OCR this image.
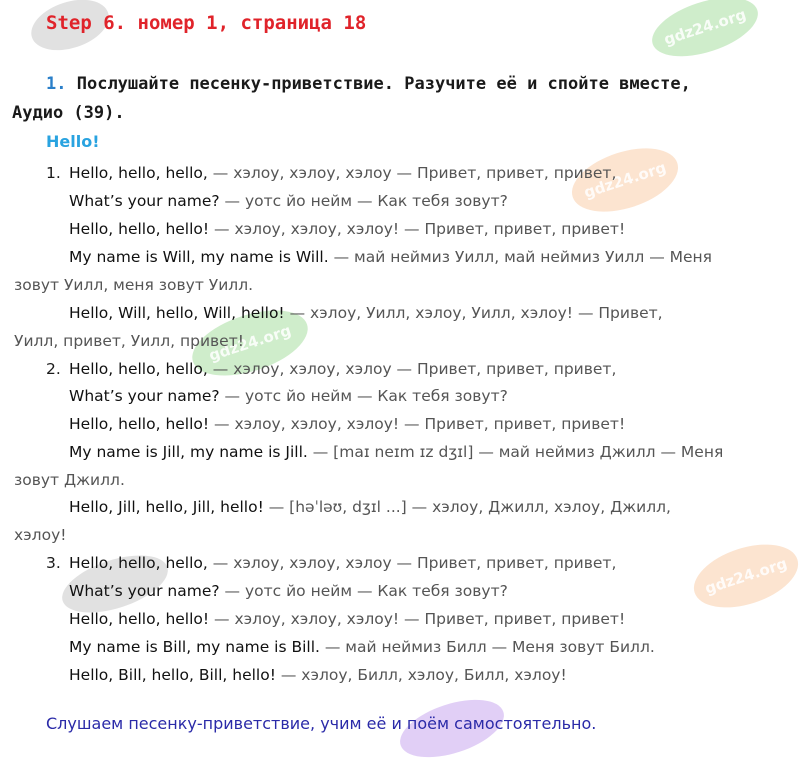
gdz24.org
gdz24.org
gdz24.org
gdz24.org
Step 6. номер 1, страница 18
1. Послушайте песенку-приветствие. Разучите её и спойте вместе, Аудио (39).
Hello!
1. Hello, hello, hello, — хэлоу, хэлоу, хэлоу — Привет, привет, привет,
What’s your name? — уотс йо нейм — Как тебя зовут?
Hello, hello, hello! — хэлоу, хэлоу, хэлоу! — Привет, привет, привет!
My name is Will, my name is Will. — май неймиз Уилл, май неймиз Уилл — Меня
зовут Уилл, меня зовут Уилл.
Hello, Will, hello, Will, hello! — хэлоу, Уилл, хэлоу, Уилл, хэлоу! — Привет,
Уилл, привет, Уилл, привет!
2. Hello, hello, hello, — хэлоу, хэлоу, хэлоу — Привет, привет, привет,
What’s your name? — уотс йо нейм — Как тебя зовут?
Hello, hello, hello! — хэлоу, хэлоу, хэлоу! — Привет, привет, привет!
My name is Jill, my name is Jill. — [maɪ neɪm ɪz dʒɪl] — май неймиз Джилл — Меня
зовут Джилл.
Hello, Jill, hello, Jill, hello! — [həˈləʊ, dʒɪl ...] — хэлоу, Джилл, хэлоу, Джилл,
хэлоу!
3. Hello, hello, hello, — хэлоу, хэлоу, хэлоу — Привет, привет, привет,
What’s your name? — уотс йо нейм — Как тебя зовут?
Hello, hello, hello! — хэлоу, хэлоу, хэлоу! — Привет, привет, привет!
My name is Bill, my name is Bill. — май неймиз Билл — Меня зовут Билл.
Hello, Bill, hello, Bill, hello! — хэлоу, Билл, хэлоу, Билл, хэлоу!
Слушаем песенку-приветствие, учим её и поём самостоятельно.
